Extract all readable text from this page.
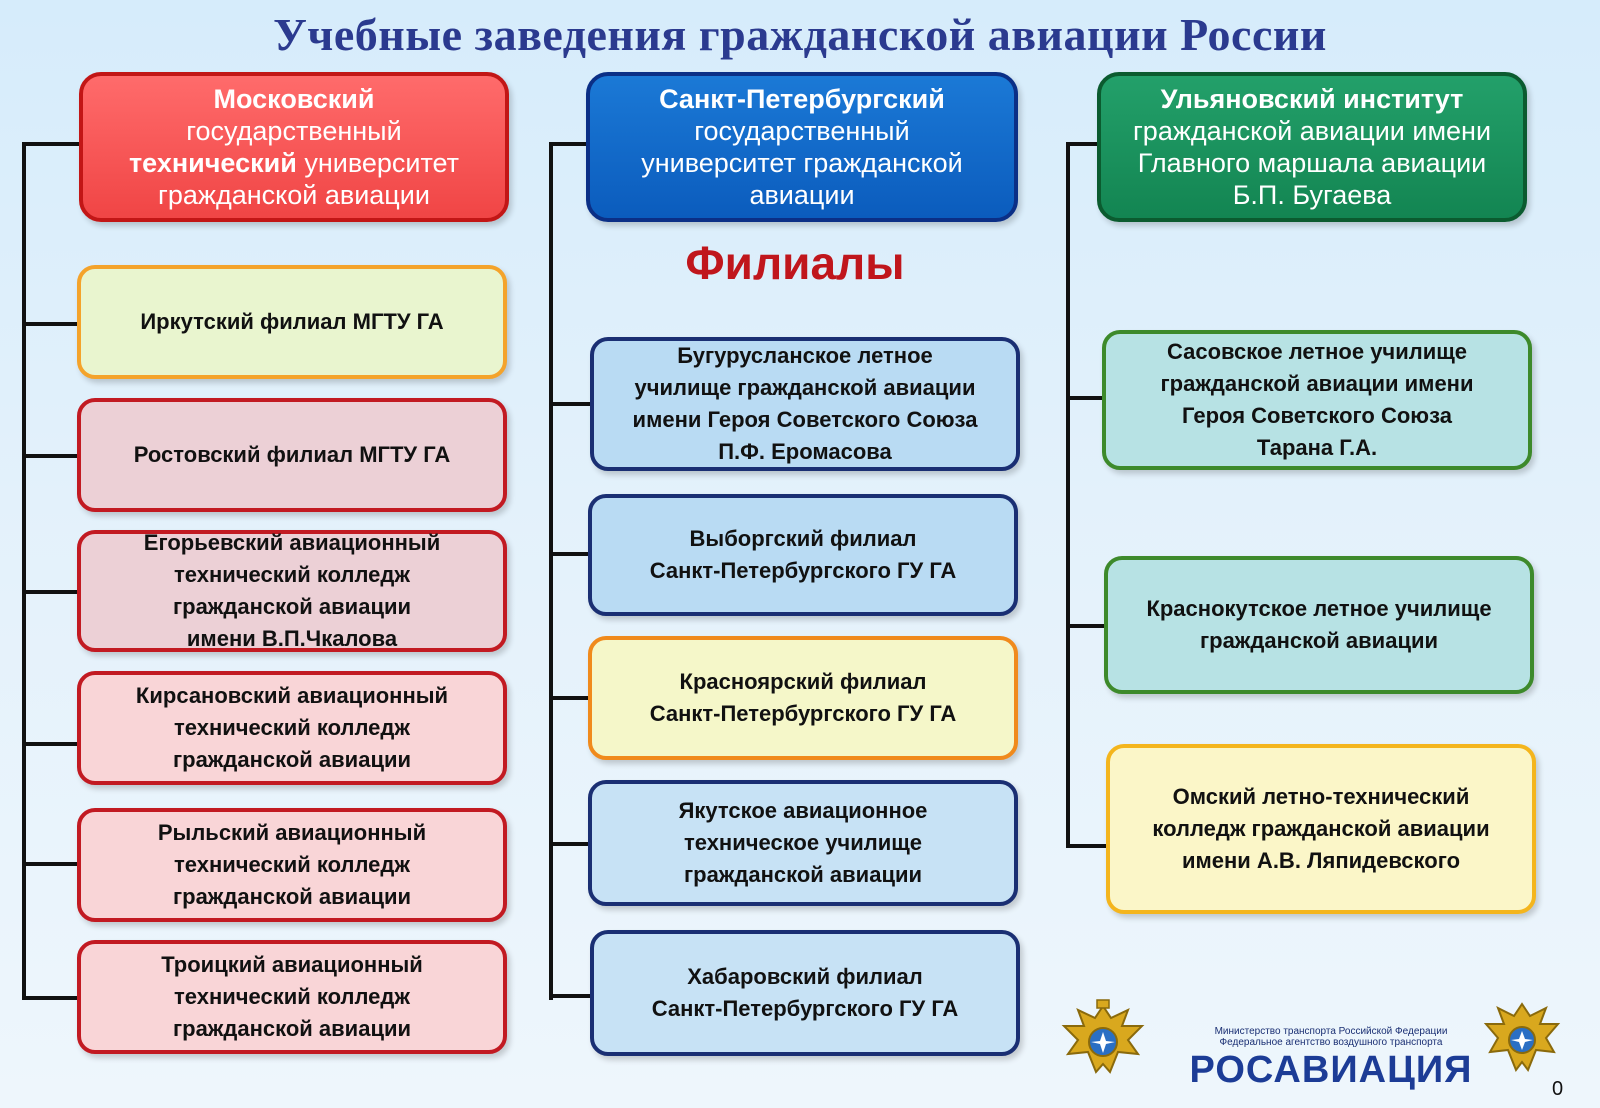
Учебные заведения гражданской авиации России
Московский
государственный
технический университет
гражданской авиации
Санкт-Петербургский
государственный
университет гражданской
авиации
Ульяновский институт
гражданской авиации имени
Главного маршала авиации
Б.П. Бугаева
Филиалы
Иркутский филиал МГТУ ГА
Ростовский филиал МГТУ ГА
Егорьевский авиационный
технический колледж
гражданской авиации
имени В.П.Чкалова
Кирсановский авиационный
технический колледж
гражданской авиации
Рыльский авиационный
технический колледж
гражданской авиации
Троицкий авиационный
технический колледж
гражданской авиации
Бугурусланское летное
училище гражданской авиации
имени Героя Советского Союза
П.Ф. Еромасова
Выборгский филиал
Санкт-Петербургского ГУ ГА
Красноярский филиал
Санкт-Петербургского ГУ ГА
Якутское авиационное
техническое училище
гражданской авиации
Хабаровский филиал
Санкт-Петербургского ГУ ГА
Сасовское летное училище
гражданской авиации имени
Героя Советского Союза
Тарана Г.А.
Краснокутское летное училище
гражданской авиации
Омский летно-технический
колледж гражданской авиации
имени А.В. Ляпидевского
Министерство транспорта Российской Федерации
Федеральное агентство воздушного транспорта
РОСАВИАЦИЯ	0
